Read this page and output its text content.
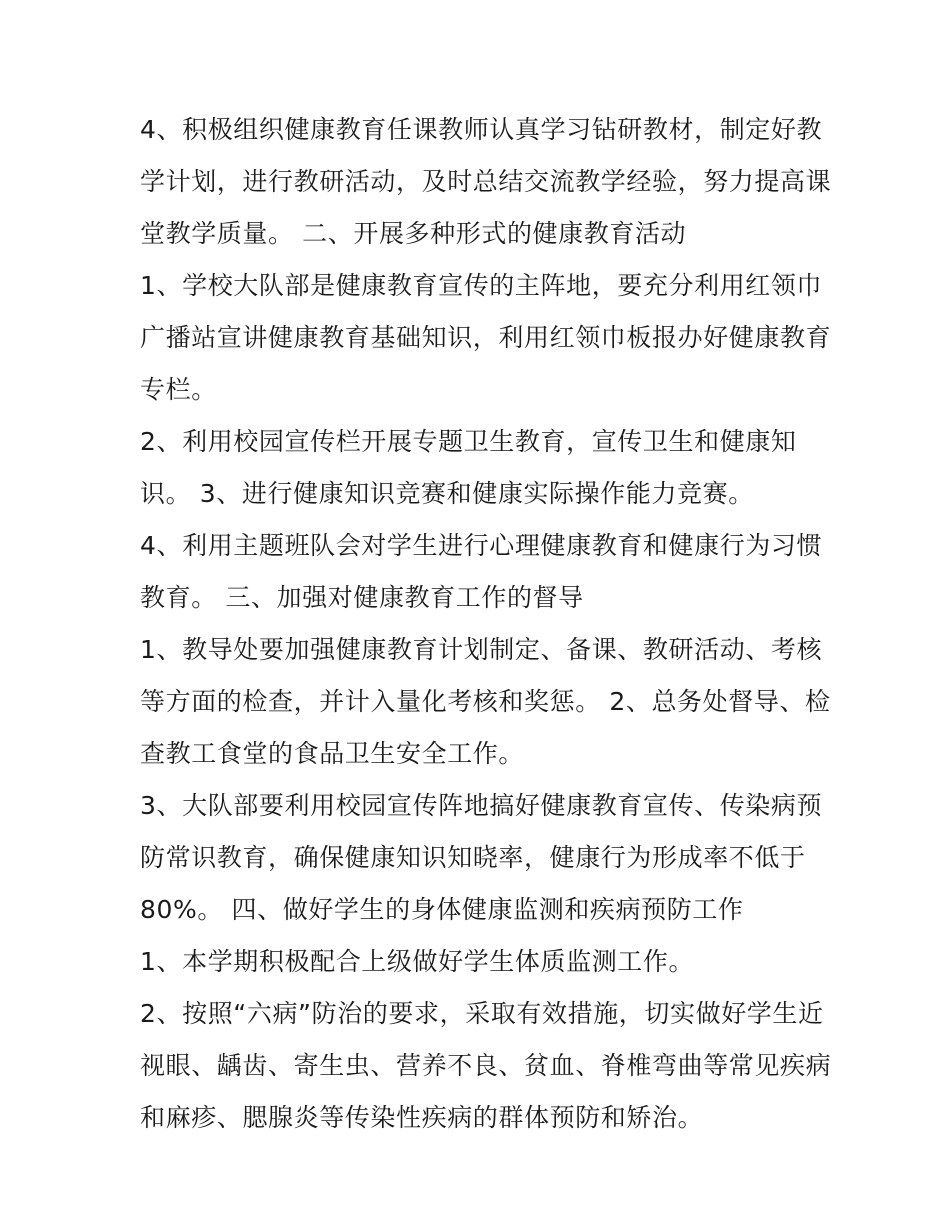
4、积极组织健康教育任课教师认真学习钻研教材，制定好教
学计划，进行教研活动，及时总结交流教学经验，努力提高课
堂教学质量。 二、开展多种形式的健康教育活动
1、学校大队部是健康教育宣传的主阵地，要充分利用红领巾
广播站宣讲健康教育基础知识，利用红领巾板报办好健康教育
专栏。
2、利用校园宣传栏开展专题卫生教育，宣传卫生和健康知
识。 3、进行健康知识竞赛和健康实际操作能力竞赛。
4、利用主题班队会对学生进行心理健康教育和健康行为习惯
教育。 三、加强对健康教育工作的督导
1、教导处要加强健康教育计划制定、备课、教研活动、考核
等方面的检查，并计入量化考核和奖惩。 2、总务处督导、检
查教工食堂的食品卫生安全工作。
3、大队部要利用校园宣传阵地搞好健康教育宣传、传染病预
防常识教育，确保健康知识知晓率，健康行为形成率不低于
80%。 四、做好学生的身体健康监测和疾病预防工作
1、本学期积极配合上级做好学生体质监测工作。
2、按照“六病”防治的要求，采取有效措施，切实做好学生近
视眼、龋齿、寄生虫、营养不良、贫血、脊椎弯曲等常见疾病
和麻疹、腮腺炎等传染性疾病的群体预防和矫治。
